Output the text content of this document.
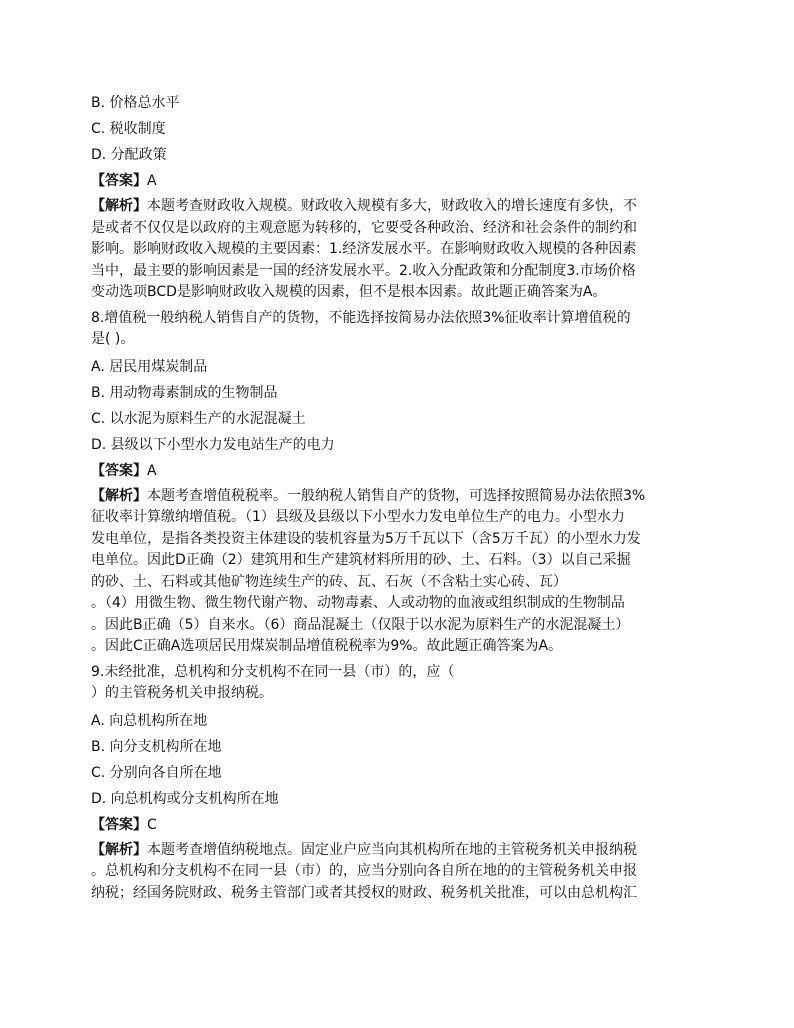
B. 价格总水平

C. 税收制度

D. 分配政策

【答案】A

【解析】本题考查财政收入规模。财政收入规模有多大，财政收入的增长速度有多快，不
是或者不仅仅是以政府的主观意愿为转移的，它要受各种政治、经济和社会条件的制约和
影响。影响财政收入规模的主要因素：1.经济发展水平。在影响财政收入规模的各种因素
当中，最主要的影响因素是一国的经济发展水平。2.收入分配政策和分配制度3.市场价格
变动选项BCD是影响财政收入规模的因素，但不是根本因素。故此题正确答案为A。

8.增值税一般纳税人销售自产的货物，不能选择按简易办法依照3%征收率计算增值税的
是( )。

A. 居民用煤炭制品

B. 用动物毒素制成的生物制品

C. 以水泥为原料生产的水泥混凝土

D. 县级以下小型水力发电站生产的电力

【答案】A

【解析】本题考查增值税税率。一般纳税人销售自产的货物，可选择按照简易办法依照3%
征收率计算缴纳增值税。（1）县级及县级以下小型水力发电单位生产的电力。小型水力
发电单位，是指各类投资主体建设的装机容量为5万千瓦以下（含5万千瓦）的小型水力发
电单位。因此D正确（2）建筑用和生产建筑材料所用的砂、土、石料。（3）以自己采掘
的砂、土、石料或其他矿物连续生产的砖、瓦、石灰（不含粘土实心砖、瓦）
。（4）用微生物、微生物代谢产物、动物毒素、人或动物的血液或组织制成的生物制品
。因此B正确（5）自来水。（6）商品混凝土（仅限于以水泥为原料生产的水泥混凝土）
。因此C正确A选项居民用煤炭制品增值税税率为9%。故此题正确答案为A。

9.未经批准，总机构和分支机构不在同一县（市）的，应（
）的主管税务机关申报纳税。

A. 向总机构所在地

B. 向分支机构所在地

C. 分别向各自所在地

D. 向总机构或分支机构所在地

【答案】C

【解析】本题考查增值纳税地点。固定业户应当向其机构所在地的主管税务机关申报纳税
。总机构和分支机构不在同一县（市）的，应当分别向各自所在地的的主管税务机关申报
纳税；经国务院财政、税务主管部门或者其授权的财政、税务机关批准，可以由总机构汇
